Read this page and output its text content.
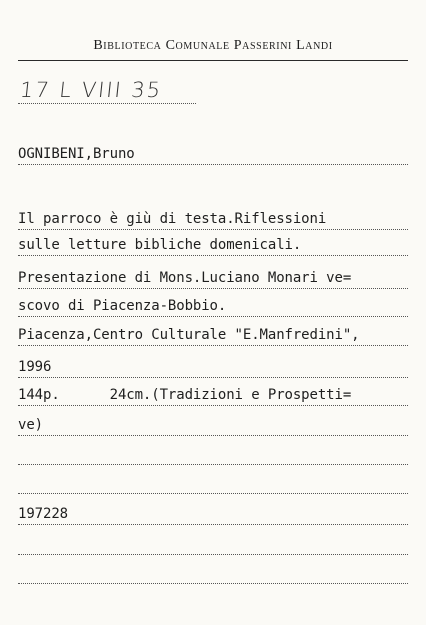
Biblioteca Comunale Passerini Landi
17 L VIII 35
OGNIBENI,Bruno
Il parroco è giù di testa.Riflessioni
sulle letture bibliche domenicali.
Presentazione di Mons.Luciano Monari ve=
scovo di Piacenza-Bobbio.
Piacenza,Centro Culturale "E.Manfredini",
1996
144p.      24cm.(Tradizioni e Prospetti=
ve)
197228
